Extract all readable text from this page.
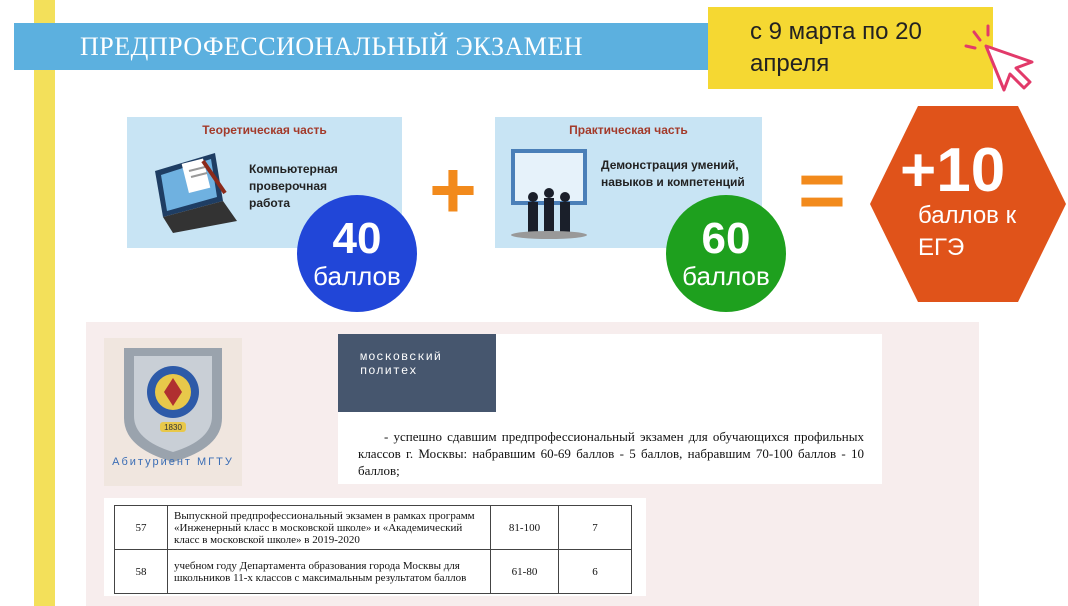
ПРЕДПРОФЕССИОНАЛЬНЫЙ ЭКЗАМЕН	с 9 марта по 20
апреля
Теоретическая часть
Компьютерная
проверочная
работа
40
баллов
+
Практическая часть
Демонстрация умений,
навыков и компетенций
60
баллов
= +10
баллов к
ЕГЭ
1830
Абитуриент МГТУ
московский
политех
- успешно сдавшим предпрофессиональный экзамен для обучающихся профильных классов г. Москвы: набравшим 60-69 баллов - 5 баллов, набравшим 70-100 баллов - 10 баллов;
57	Выпускной предпрофессиональный экзамен в рамках программ «Инженерный класс в московской школе» и «Академический класс в московской школе» в 2019-2020	81-100	7
58	учебном году Департамента образования города Москвы для школьников 11-х классов с максимальным результатом баллов	61-80	6
